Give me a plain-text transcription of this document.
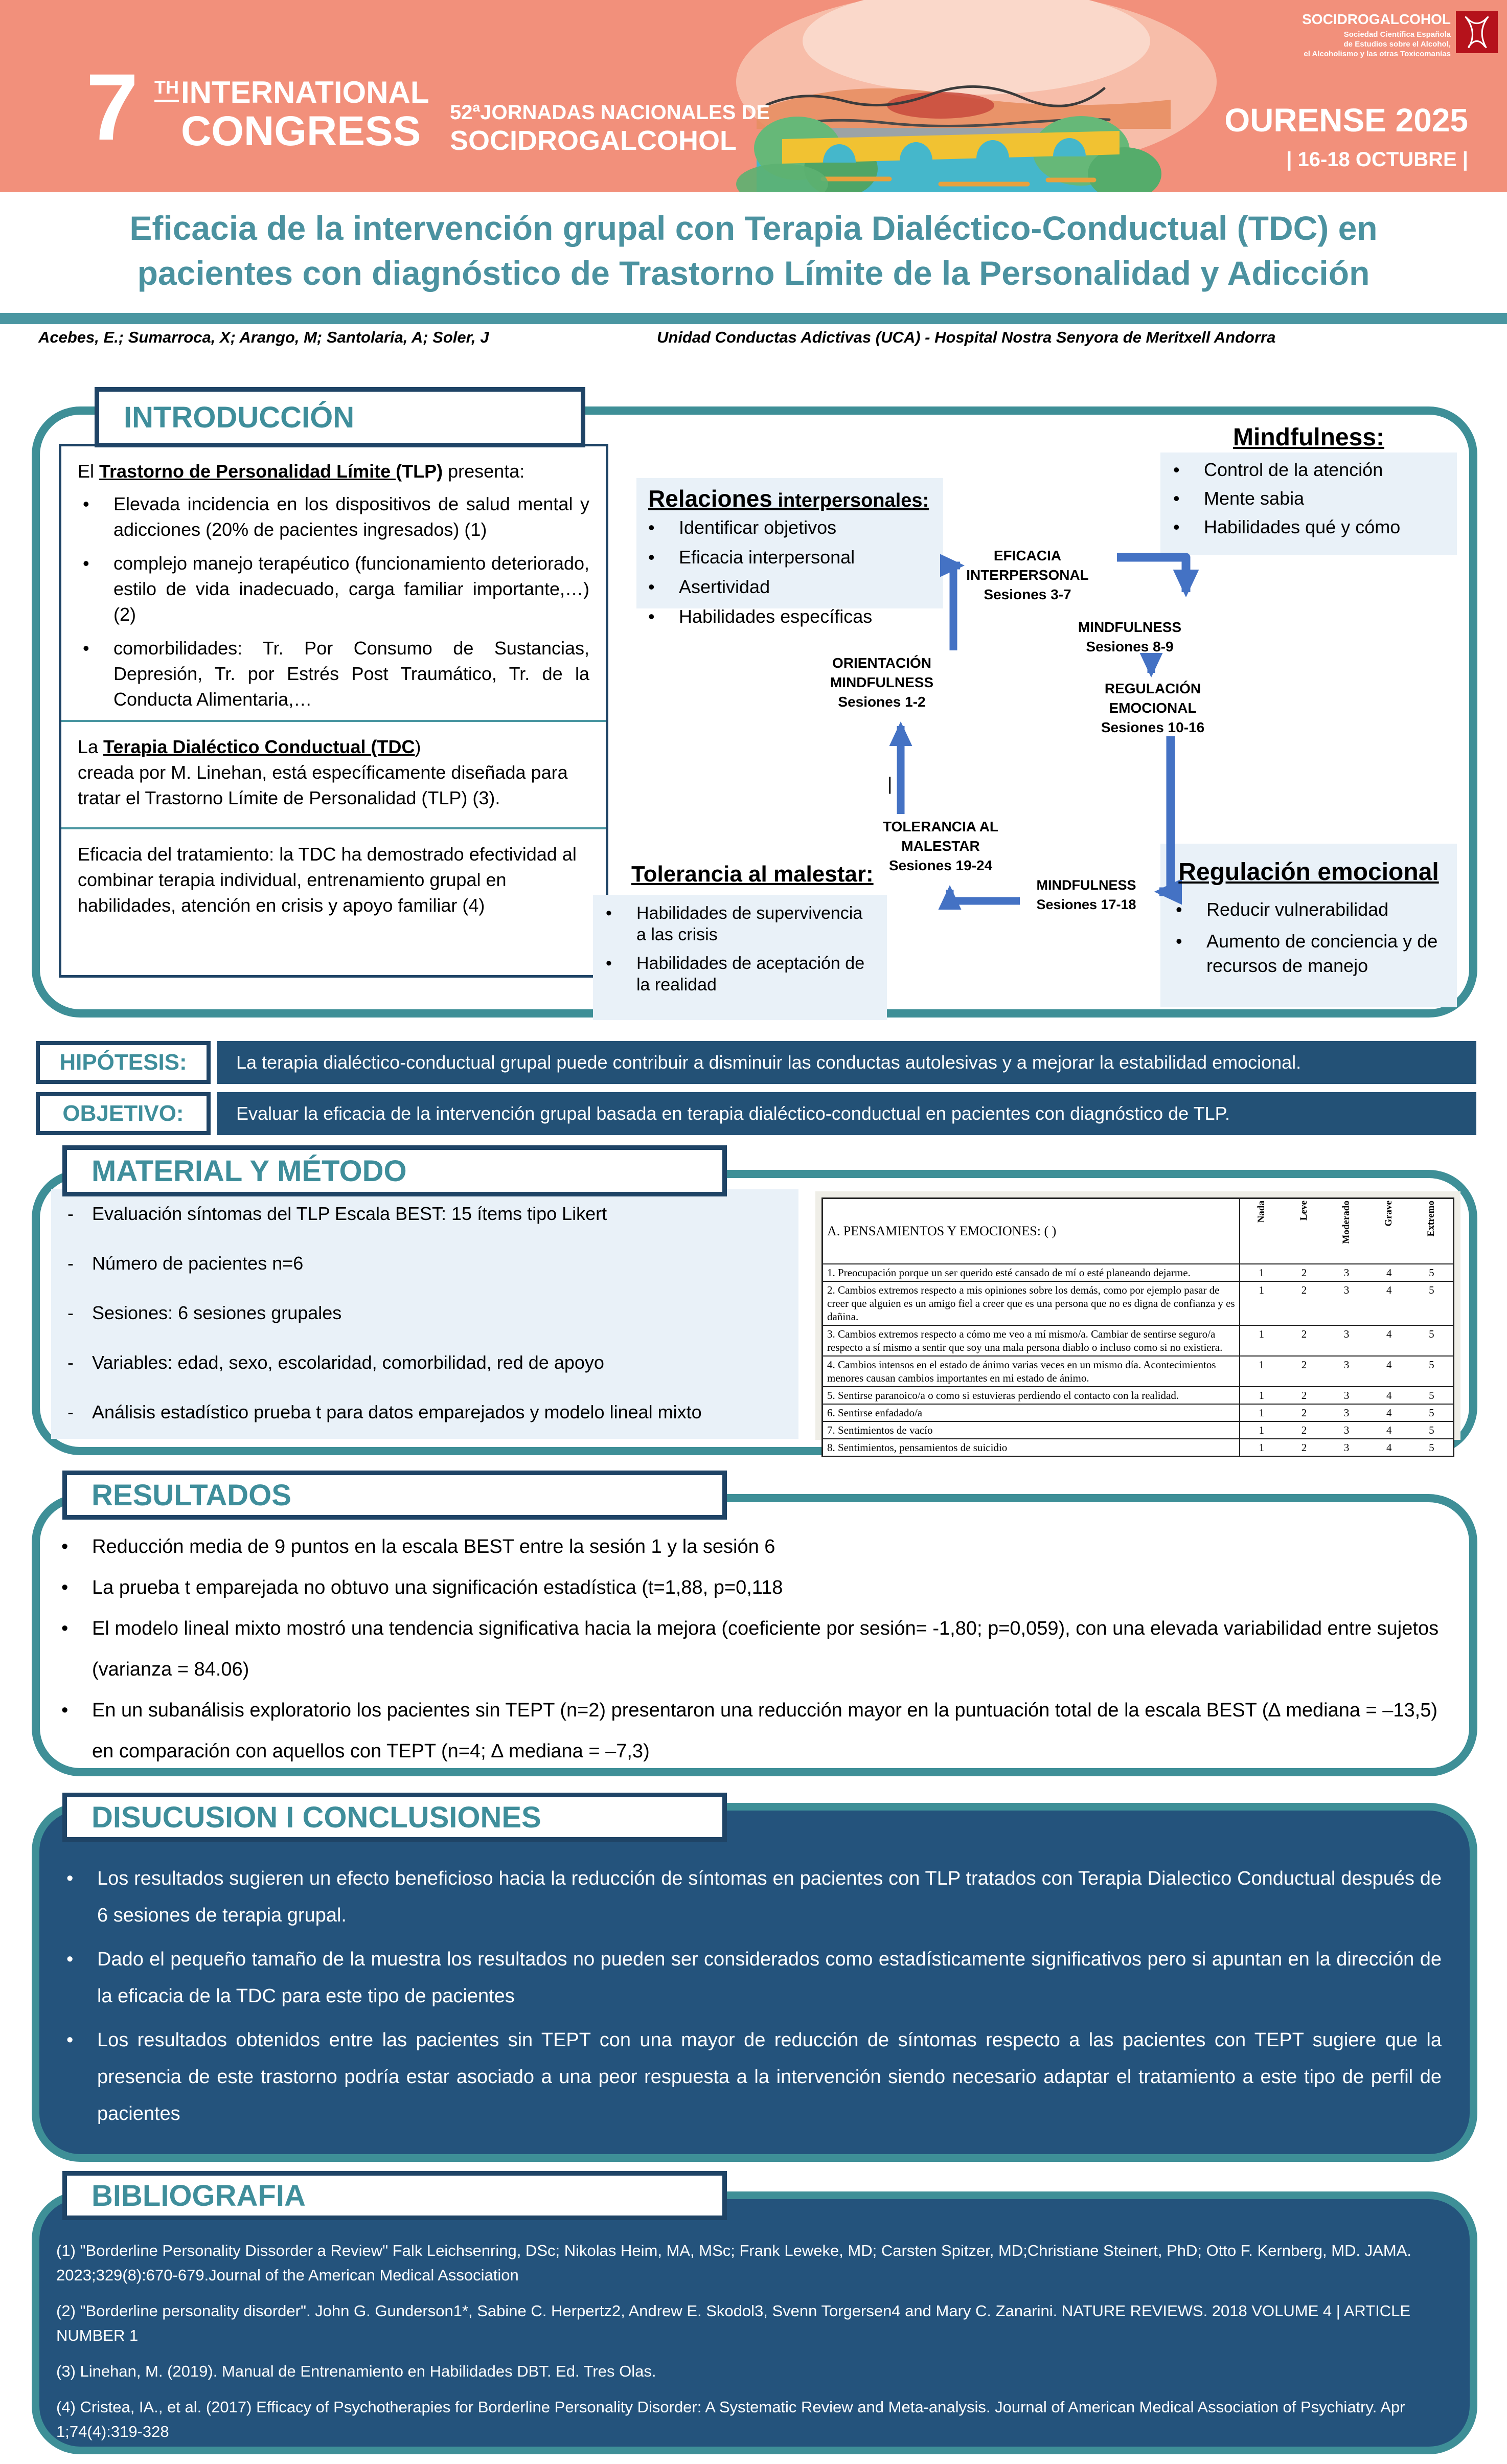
7 TH INTERNATIONAL
CONGRESS 52ªJORNADAS NACIONALES DE
SOCIDROGALCOHOL
OURENSE 2025
| 16-18 OCTUBRE |
SOCIDROGALCOHOL
Sociedad Científica Española
de Estudios sobre el Alcohol,
el Alcoholismo y las otras Toxicomanías
Eficacia de la intervención grupal con Terapia Dialéctico-Conductual (TDC) en
pacientes con diagnóstico de Trastorno Límite de la Personalidad y Adicción
Acebes, E.; Sumarroca, X; Arango, M; Santolaria, A; Soler, J	Unidad Conductas Adictivas (UCA) - Hospital Nostra Senyora de Meritxell Andorra
INTRODUCCIÓN
El Trastorno de Personalidad Límite (TLP) presenta:
• Elevada incidencia en los dispositivos de salud mental y adicciones (20% de pacientes ingresados) (1)
• complejo manejo terapéutico (funcionamiento deteriorado, estilo de vida inadecuado, carga familiar importante,…) (2)
• comorbilidades: Tr. Por Consumo de Sustancias, Depresión, Tr. por Estrés Post Traumático, Tr. de la Conducta Alimentaria,…
La Terapia Dialéctico Conductual (TDC)
creada por M. Linehan, está específicamente diseñada para tratar el Trastorno Límite de Personalidad (TLP) (3).
Eficacia del tratamiento: la TDC ha demostrado efectividad al combinar terapia individual, entrenamiento grupal en habilidades, atención en crisis y apoyo familiar (4)
Relaciones interpersonales:
• Identificar objetivos
• Eficacia interpersonal
• Asertividad
• Habilidades específicas
Mindfulness:
• Control de la atención
• Mente sabia
• Habilidades qué y cómo
Tolerancia al malestar:
• Habilidades de supervivencia a las crisis
• Habilidades de aceptación de la realidad
Regulación emocional
• Reducir vulnerabilidad
• Aumento de conciencia y de recursos de manejo
EFICACIA
INTERPERSONAL
Sesiones 3-7
MINDFULNESS
Sesiones 8-9
ORIENTACIÓN
MINDFULNESS
Sesiones 1-2
REGULACIÓN
EMOCIONAL
Sesiones 10-16
TOLERANCIA AL
MALESTAR
Sesiones 19-24
MINDFULNESS
Sesiones 17-18
|
HIPÓTESIS:	La terapia dialéctico-conductual grupal puede contribuir a disminuir las conductas autolesivas y a mejorar la estabilidad emocional.
OBJETIVO:	Evaluar la eficacia de la intervención grupal basada en terapia dialéctico-conductual en pacientes con diagnóstico de TLP.
MATERIAL Y MÉTODO
- Evaluación síntomas del TLP Escala BEST: 15 ítems tipo Likert
- Número de pacientes n=6
- Sesiones: 6 sesiones grupales
- Variables: edad, sexo, escolaridad, comorbilidad, red de apoyo
- Análisis estadístico prueba t para datos emparejados y modelo lineal mixto
A. PENSAMIENTOS Y EMOCIONES: ( )	Nada	Leve	Moderado	Grave	Extremo
1. Preocupación porque un ser querido esté cansado de mí o esté planeando dejarme.	1	2	3	4	5
2. Cambios extremos respecto a mis opiniones sobre los demás, como por ejemplo pasar de creer que alguien es un amigo fiel a creer que es una persona que no es digna de confianza y es dañina.	1	2	3	4	5
3. Cambios extremos respecto a cómo me veo a mí mismo/a. Cambiar de sentirse seguro/a respecto a sí mismo a sentir que soy una mala persona diablo o incluso como si no existiera.	1	2	3	4	5
4. Cambios intensos en el estado de ánimo varias veces en un mismo día. Acontecimientos menores causan cambios importantes en mi estado de ánimo.	1	2	3	4	5
5. Sentirse paranoico/a o como si estuvieras perdiendo el contacto con la realidad.	1	2	3	4	5
6. Sentirse enfadado/a	1	2	3	4	5
7. Sentimientos de vacío	1	2	3	4	5
8. Sentimientos, pensamientos de suicidio	1	2	3	4	5
RESULTADOS
• Reducción media de 9 puntos en la escala BEST entre la sesión 1 y la sesión 6
• La prueba t emparejada no obtuvo una significación estadística (t=1,88, p=0,118
• El modelo lineal mixto mostró una tendencia significativa hacia la mejora (coeficiente por sesión= -1,80; p=0,059), con una elevada variabilidad entre sujetos (varianza = 84.06)
• En un subanálisis exploratorio los pacientes sin TEPT (n=2) presentaron una reducción mayor en la puntuación total de la escala BEST (∆ mediana = –13,5) en comparación con aquellos con TEPT (n=4; ∆ mediana = –7,3)
DISUCUSION I CONCLUSIONES
• Los resultados sugieren un efecto beneficioso hacia la reducción de síntomas en pacientes con TLP tratados con Terapia Dialectico Conductual después de 6 sesiones de terapia grupal.
• Dado el pequeño tamaño de la muestra los resultados no pueden ser considerados como estadísticamente significativos pero si apuntan en la dirección de la eficacia de la TDC para este tipo de pacientes
• Los resultados obtenidos entre las pacientes sin TEPT con una mayor de reducción de síntomas respecto a las pacientes con TEPT sugiere que la presencia de este trastorno podría estar asociado a una peor respuesta a la intervención siendo necesario adaptar el tratamiento a este tipo de perfil de pacientes
BIBLIOGRAFIA
(1) "Borderline Personality Dissorder a Review" Falk Leichsenring, DSc; Nikolas Heim, MA, MSc; Frank Leweke, MD; Carsten Spitzer, MD;Christiane Steinert, PhD; Otto F. Kernberg, MD. JAMA. 2023;329(8):670-679.Journal of the American Medical Association
(2) "Borderline personality disorder". John G. Gunderson1*, Sabine C. Herpertz2, Andrew E. Skodol3, Svenn Torgersen4 and Mary C. Zanarini. NATURE REVIEWS. 2018 VOLUME 4 | ARTICLE NUMBER 1
(3) Linehan, M. (2019). Manual de Entrenamiento en Habilidades DBT. Ed. Tres Olas.
(4) Cristea, IA., et al. (2017) Efficacy of Psychotherapies for Borderline Personality Disorder: A Systematic Review and Meta-analysis. Journal of American Medical Association of Psychiatry. Apr 1;74(4):319-328
